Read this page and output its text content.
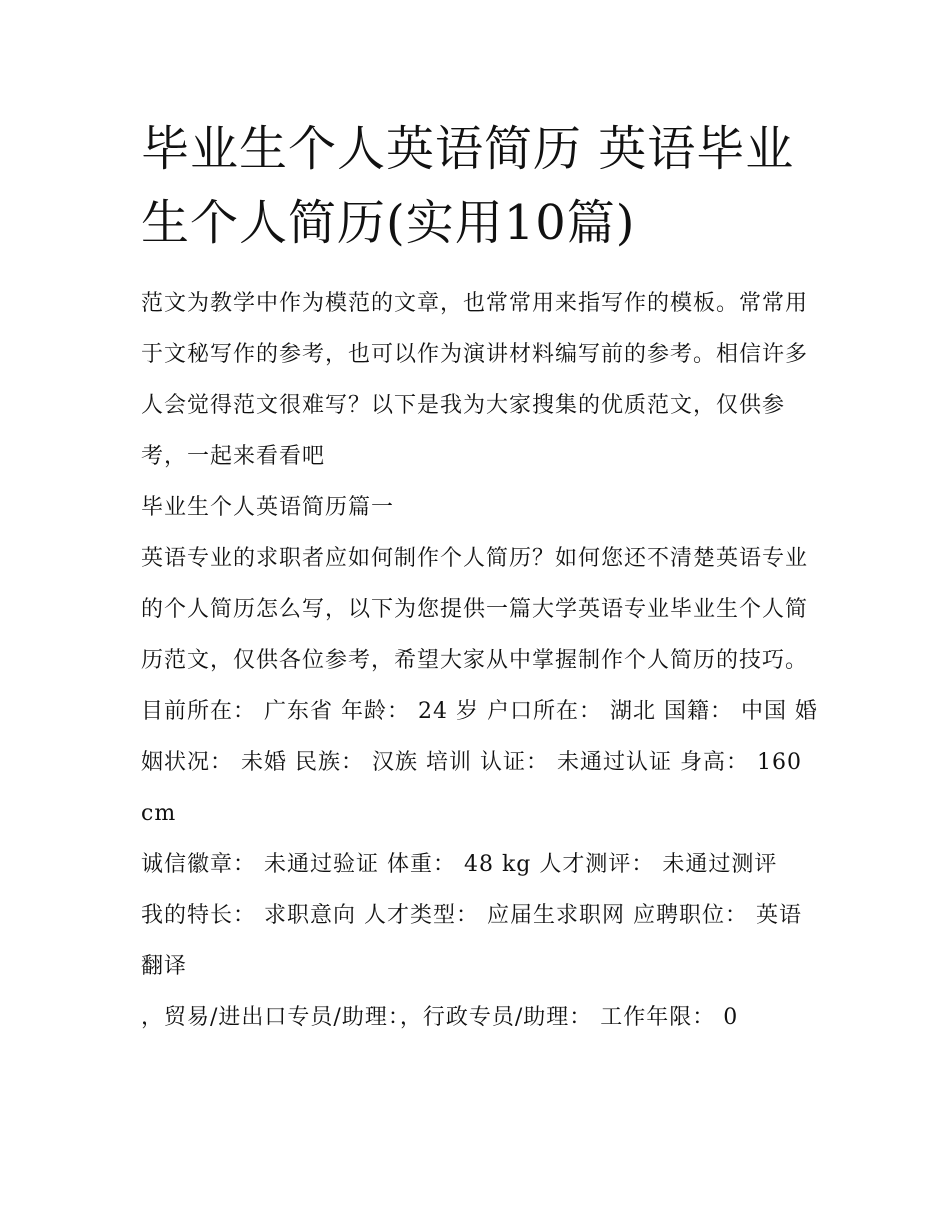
毕业生个人英语简历 英语毕业生个人简历(实用10篇)

范文为教学中作为模范的文章，也常常用来指写作的模板。常常用于文秘写作的参考，也可以作为演讲材料编写前的参考。相信许多人会觉得范文很难写？以下是我为大家搜集的优质范文，仅供参考，一起来看看吧

毕业生个人英语简历篇一

英语专业的求职者应如何制作个人简历？如何您还不清楚英语专业的个人简历怎么写，以下为您提供一篇大学英语专业毕业生个人简历范文，仅供各位参考，希望大家从中掌握制作个人简历的技巧。

目前所在： 广东省 年龄： 24 岁 户口所在： 湖北 国籍： 中国 婚姻状况： 未婚 民族： 汉族 培训 认证： 未通过认证 身高： 160 cm

诚信徽章： 未通过验证 体重： 48 kg 人才测评： 未通过测评

我的特长： 求职意向 人才类型： 应届生求职网 应聘职位： 英语翻译

，贸易/进出口专员/助理：，行政专员/助理： 工作年限： 0
